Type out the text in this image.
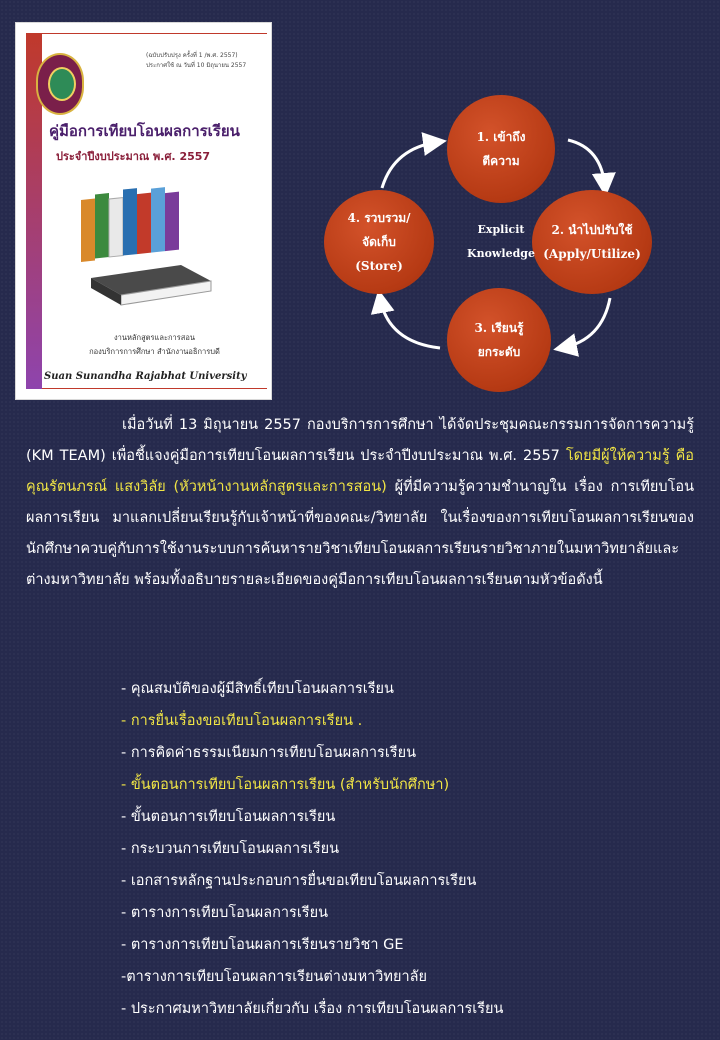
(ฉบับปรับปรุง ครั้งที่ 1 /พ.ศ. 2557)
ประกาศใช้ ณ วันที่ 10 มิถุนายน 2557
คู่มือการเทียบโอนผลการเรียน
ประจำปีงบประมาณ พ.ศ. 2557
งานหลักสูตรและการสอน
กองบริการการศึกษา สำนักงานอธิการบดี
Suan Sunandha Rajabhat University
1. เข้าถึง
ตีความ
2. นำไปปรับใช้
(Apply/Utilize)
3. เรียนรู้
ยกระดับ
4. รวบรวม/
จัดเก็บ
(Store)
Explicit
Knowledge
เมื่อวันที่ 13 มิถุนายน 2557 กองบริการการศึกษา ได้จัดประชุมคณะกรรมการจัดการความรู้ (KM TEAM) เพื่อชี้แจงคู่มือการเทียบโอนผลการเรียน ประจำปีงบประมาณ พ.ศ. 2557 โดยมีผู้ให้ความรู้ คือ คุณรัตนภรณ์ แสงวิลัย (หัวหน้างานหลักสูตรและการสอน) ผู้ที่มีความรู้ความชำนาญใน เรื่อง การเทียบโอนผลการเรียน มาแลกเปลี่ยนเรียนรู้กับเจ้าหน้าที่ของคณะ/วิทยาลัย ในเรื่องของการเทียบโอนผลการเรียนของนักศึกษาควบคู่กับการใช้งานระบบการค้นหารายวิชาเทียบโอนผลการเรียนรายวิชาภายในมหาวิทยาลัยและต่างมหาวิทยาลัย พร้อมทั้งอธิบายรายละเอียดของคู่มือการเทียบโอนผลการเรียนตามหัวข้อดังนี้
- คุณสมบัติของผู้มีสิทธิ์เทียบโอนผลการเรียน
- การยื่นเรื่องขอเทียบโอนผลการเรียน .
- การคิดค่าธรรมเนียมการเทียบโอนผลการเรียน
- ขั้นตอนการเทียบโอนผลการเรียน (สำหรับนักศึกษา)
- ขั้นตอนการเทียบโอนผลการเรียน
- กระบวนการเทียบโอนผลการเรียน
- เอกสารหลักฐานประกอบการยื่นขอเทียบโอนผลการเรียน
- ตารางการเทียบโอนผลการเรียน
- ตารางการเทียบโอนผลการเรียนรายวิชา GE
-ตารางการเทียบโอนผลการเรียนต่างมหาวิทยาลัย
- ประกาศมหาวิทยาลัยเกี่ยวกับ เรื่อง การเทียบโอนผลการเรียน
